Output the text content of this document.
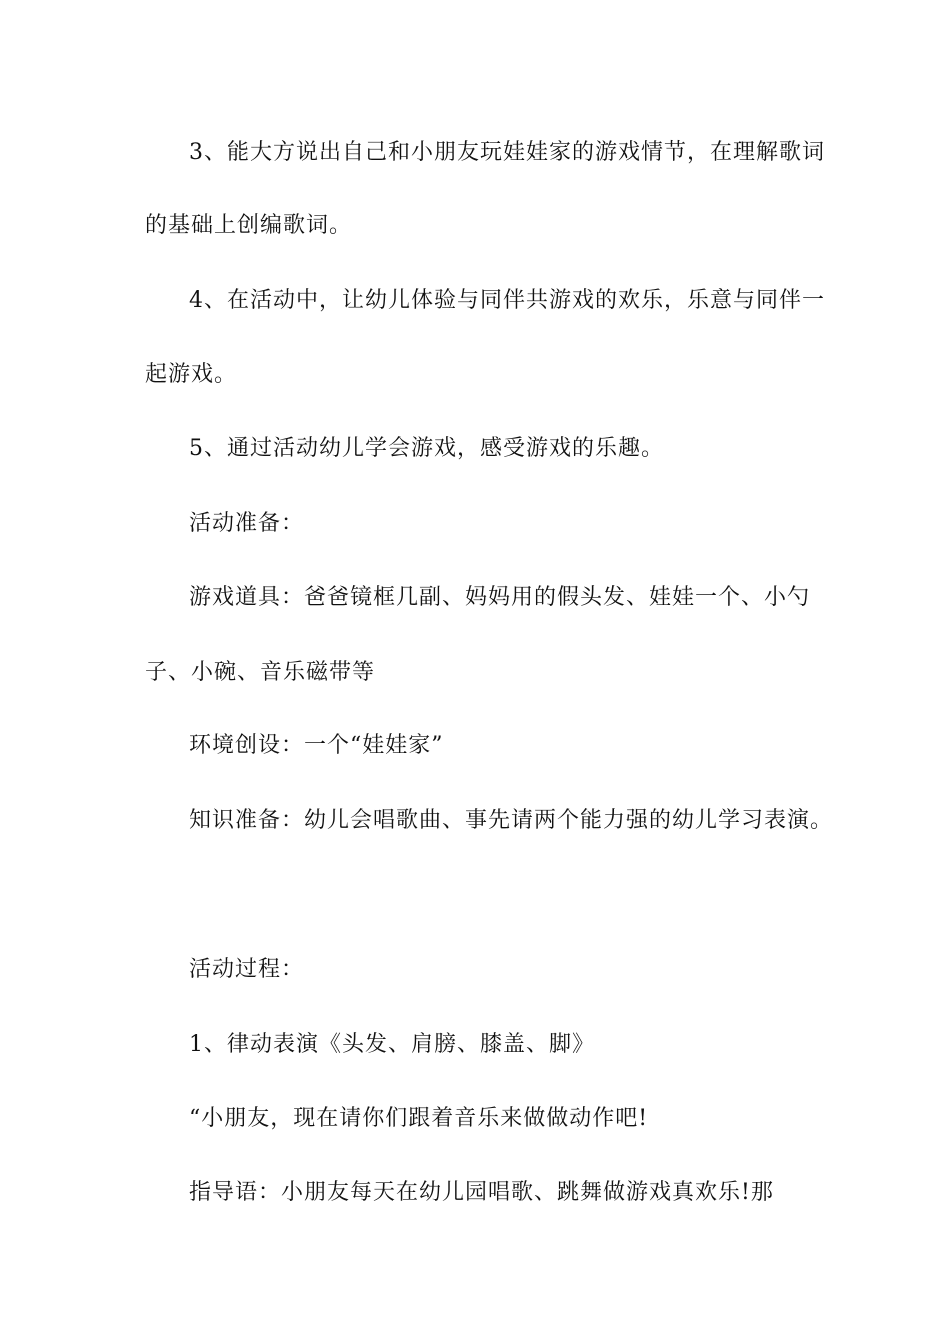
3、能大方说出自己和小朋友玩娃娃家的游戏情节，在理解歌词
的基础上创编歌词。
4、在活动中，让幼儿体验与同伴共游戏的欢乐，乐意与同伴一
起游戏。
5、通过活动幼儿学会游戏，感受游戏的乐趣。
活动准备：
游戏道具：爸爸镜框几副、妈妈用的假头发、娃娃一个、小勺
子、小碗、音乐磁带等
环境创设：一个“娃娃家”
知识准备：幼儿会唱歌曲、事先请两个能力强的幼儿学习表演。
活动过程：
1、律动表演《头发、肩膀、膝盖、脚》
“小朋友，现在请你们跟着音乐来做做动作吧!
指导语：小朋友每天在幼儿园唱歌、跳舞做游戏真欢乐!那
